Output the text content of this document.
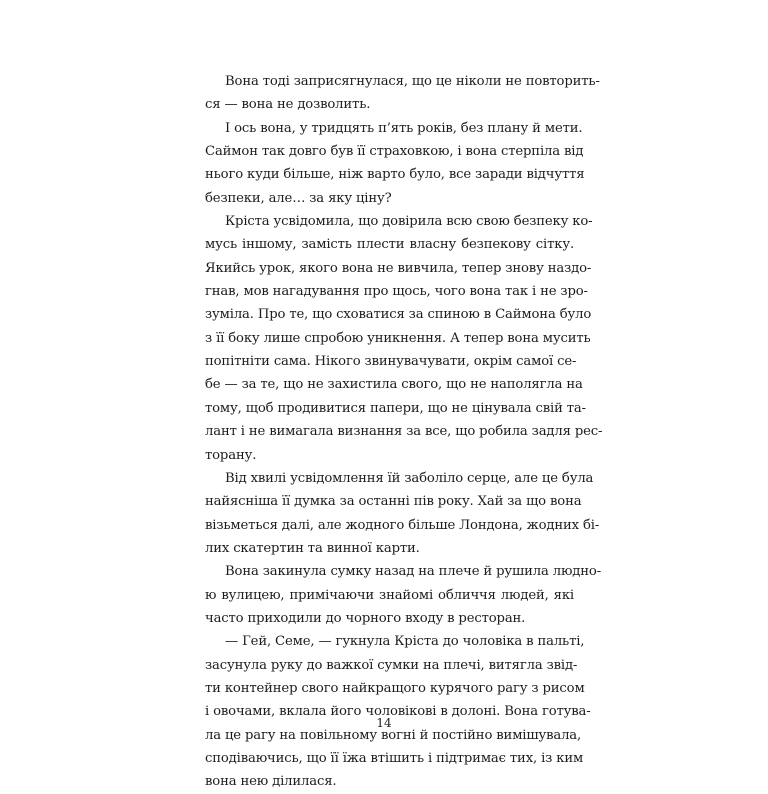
Вона тоді заприсягнулася, що це ніколи не повторить-
ся — вона не дозволить.
І ось вона, у тридцять п’ять років, без плану й мети.
Саймон так довго був її страховкою, і вона стерпіла від
нього куди більше, ніж варто було, все заради відчуття
безпеки, але… за яку ціну?
Кріста усвідомила, що довірила всю свою безпеку ко-
мусь іншому, замість плести власну безпекову сітку.
Якийсь урок, якого вона не вивчила, тепер знову наздо-
гнав, мов нагадування про щось, чого вона так і не зро-
зуміла. Про те, що сховатися за спиною в Саймона було
з її боку лише спробою уникнення. А тепер вона мусить
попітніти сама. Нікого звинувачувати, окрім самої се-
бе — за те, що не захистила свого, що не наполягла на
тому, щоб продивитися папери, що не цінувала свій та-
лант і не вимагала визнання за все, що робила задля рес-
торану.
Від хвилі усвідомлення їй заболіло серце, але це була
найясніша її думка за останні пів року. Хай за що вона
візьметься далі, але жодного більше Лондона, жодних бі-
лих скатертин та винної карти.
Вона закинула сумку назад на плече й рушила людно-
ю вулицею, примічаючи знайомі обличчя людей, які
часто приходили до чорного входу в ресторан.
— Гей, Семе, — гукнула Кріста до чоловіка в пальті,
засунула руку до важкої сумки на плечі, витягла звід-
ти контейнер свого найкращого курячого рагу з рисом
і овочами, вклала його чоловікові в долоні. Вона готува-
ла це рагу на повільному вогні й постійно вимішувала,
сподіваючись, що її їжа втішить і підтримає тих, із ким
вона нею ділилася.
14
